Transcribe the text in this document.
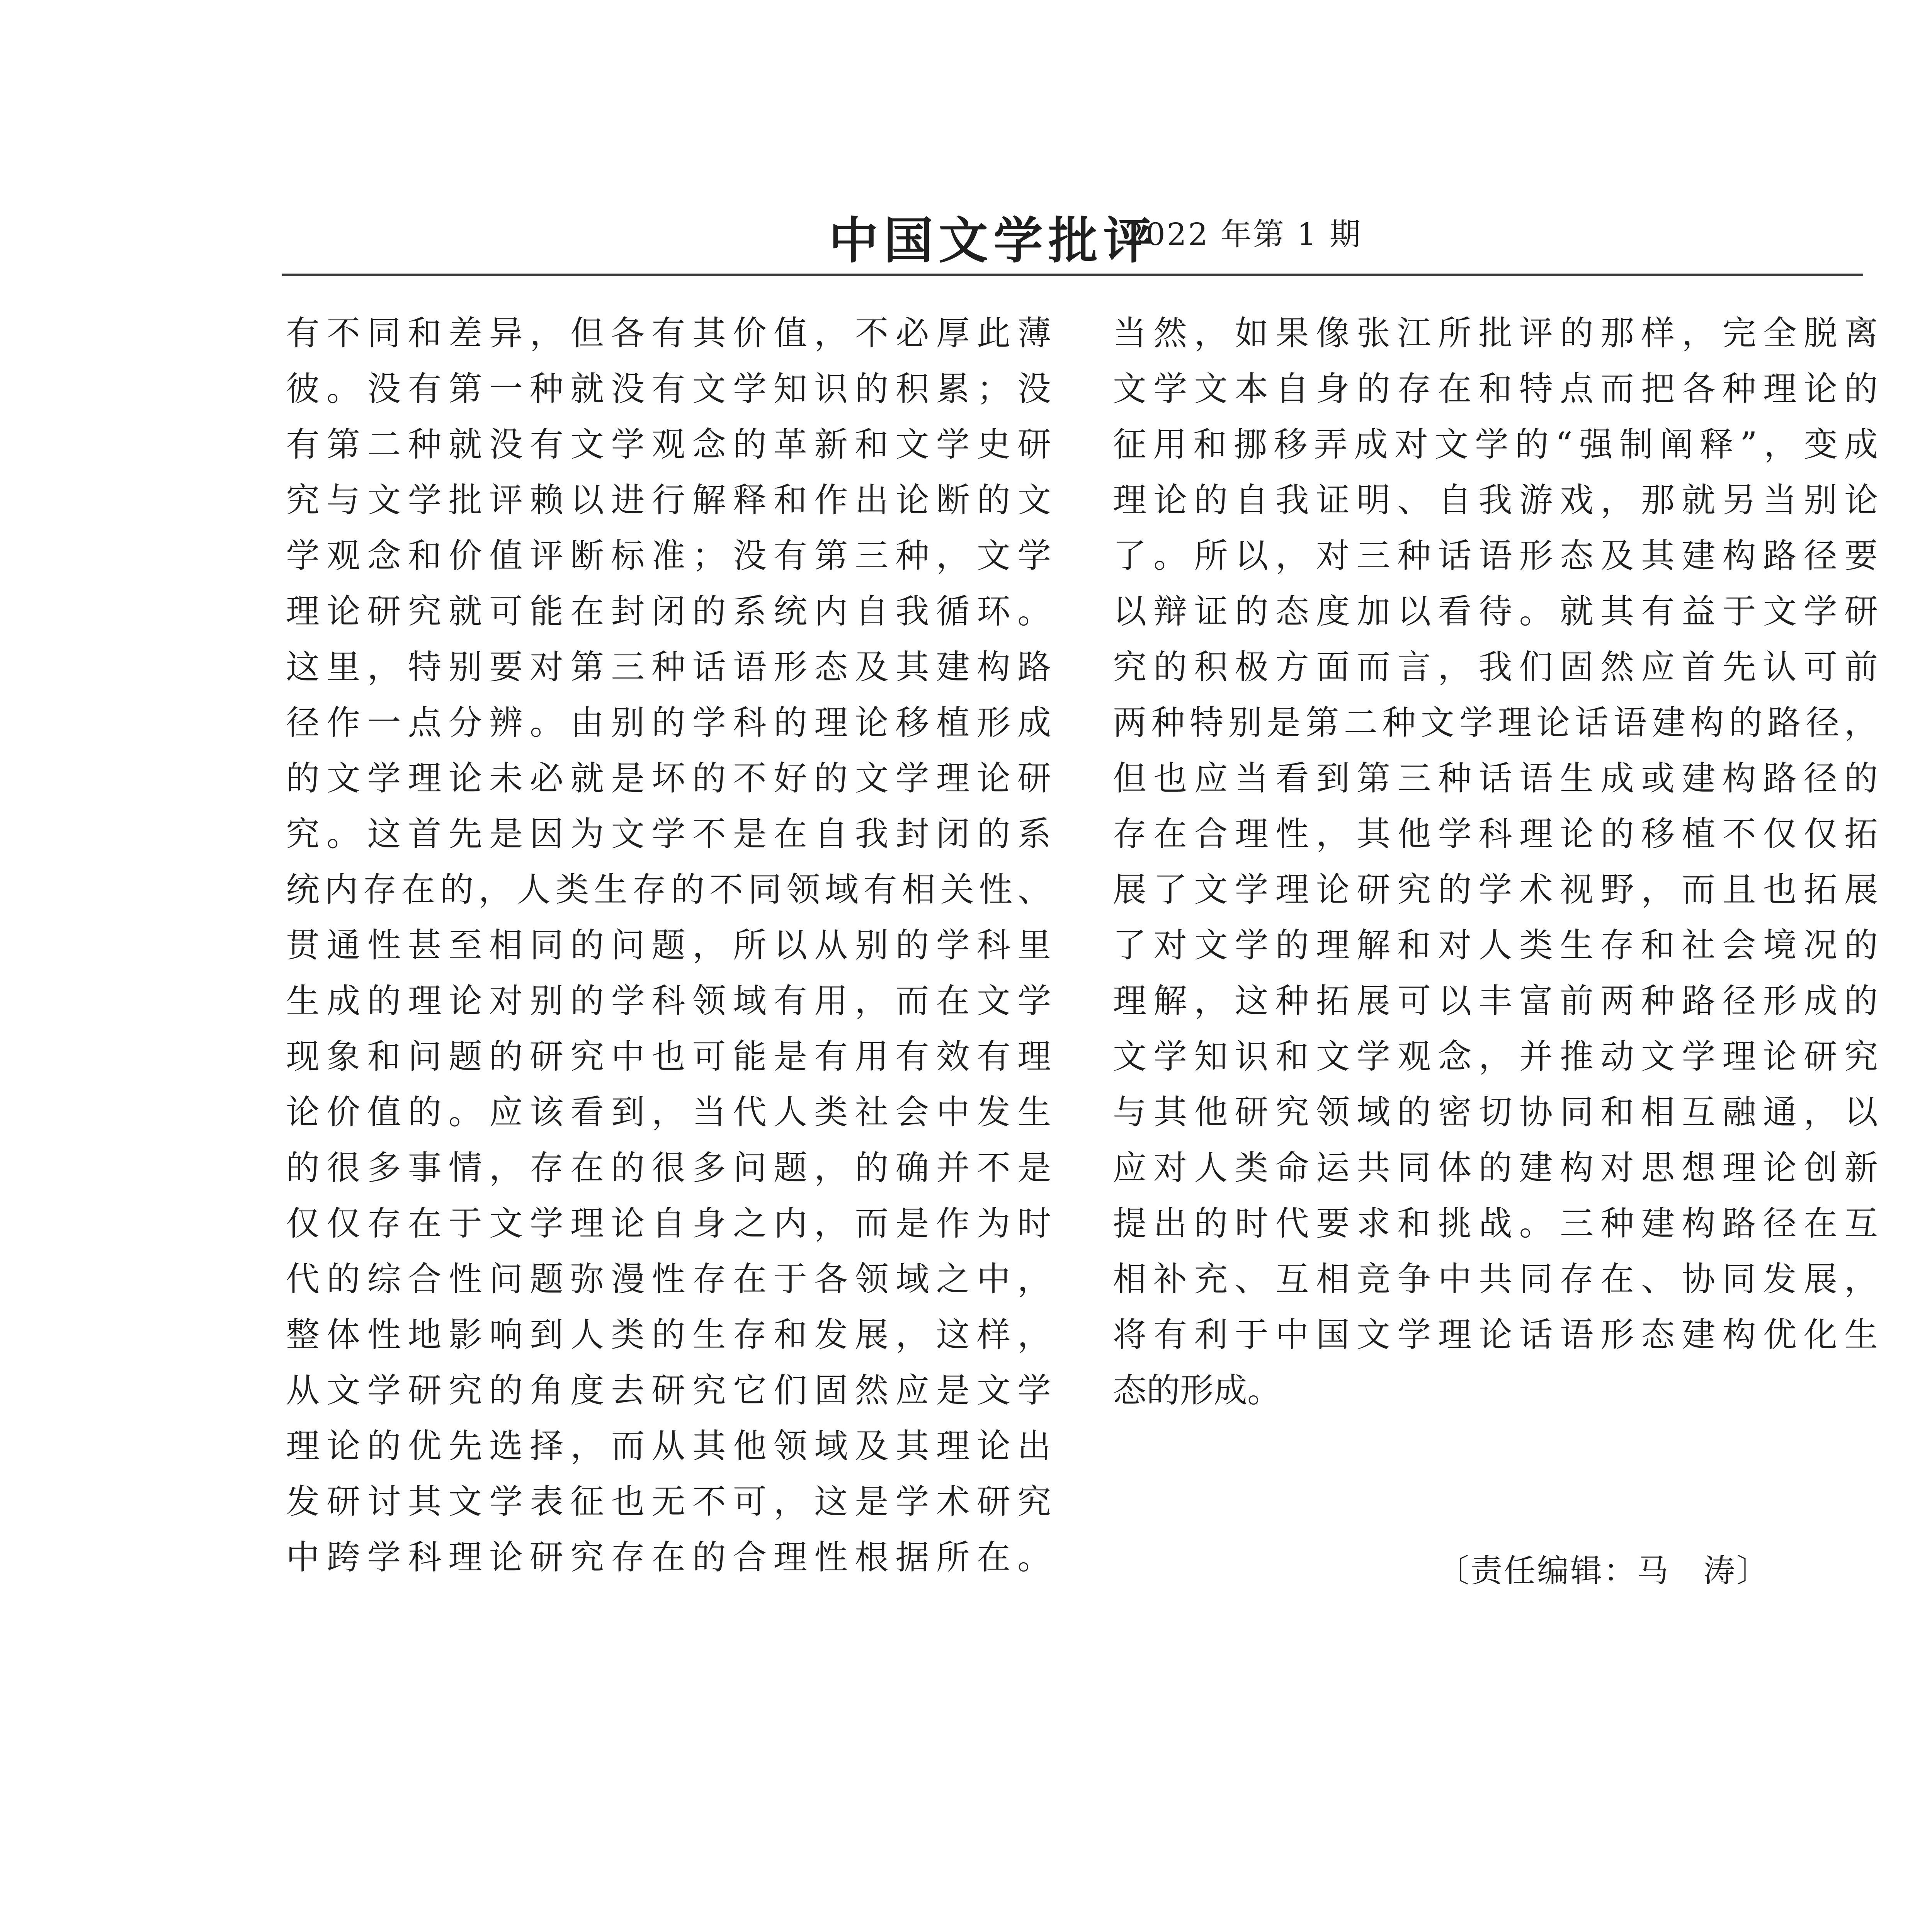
中国文学批评
2022 年第 1 期
有不同和差异，但各有其价值，不必厚此薄
彼。没有第一种就没有文学知识的积累；没
有第二种就没有文学观念的革新和文学史研
究与文学批评赖以进行解释和作出论断的文
学观念和价值评断标准；没有第三种，文学
理论研究就可能在封闭的系统内自我循环。
这里，特别要对第三种话语形态及其建构路
径作一点分辨。由别的学科的理论移植形成
的文学理论未必就是坏的不好的文学理论研
究。这首先是因为文学不是在自我封闭的系
统内存在的，人类生存的不同领域有相关性、
贯通性甚至相同的问题，所以从别的学科里
生成的理论对别的学科领域有用，而在文学
现象和问题的研究中也可能是有用有效有理
论价值的。应该看到，当代人类社会中发生
的很多事情，存在的很多问题，的确并不是
仅仅存在于文学理论自身之内，而是作为时
代的综合性问题弥漫性存在于各领域之中，
整体性地影响到人类的生存和发展，这样，
从文学研究的角度去研究它们固然应是文学
理论的优先选择，而从其他领域及其理论出
发研讨其文学表征也无不可，这是学术研究
中跨学科理论研究存在的合理性根据所在。
当然，如果像张江所批评的那样，完全脱离
文学文本自身的存在和特点而把各种理论的
征用和挪移弄成对文学的“强制阐释”，变成
理论的自我证明、自我游戏，那就另当别论
了。所以，对三种话语形态及其建构路径要
以辩证的态度加以看待。就其有益于文学研
究的积极方面而言，我们固然应首先认可前
两种特别是第二种文学理论话语建构的路径，
但也应当看到第三种话语生成或建构路径的
存在合理性，其他学科理论的移植不仅仅拓
展了文学理论研究的学术视野，而且也拓展
了对文学的理解和对人类生存和社会境况的
理解，这种拓展可以丰富前两种路径形成的
文学知识和文学观念，并推动文学理论研究
与其他研究领域的密切协同和相互融通，以
应对人类命运共同体的建构对思想理论创新
提出的时代要求和挑战。三种建构路径在互
相补充、互相竞争中共同存在、协同发展，
将有利于中国文学理论话语形态建构优化生
态的形成。
〔责任编辑：马　涛〕
